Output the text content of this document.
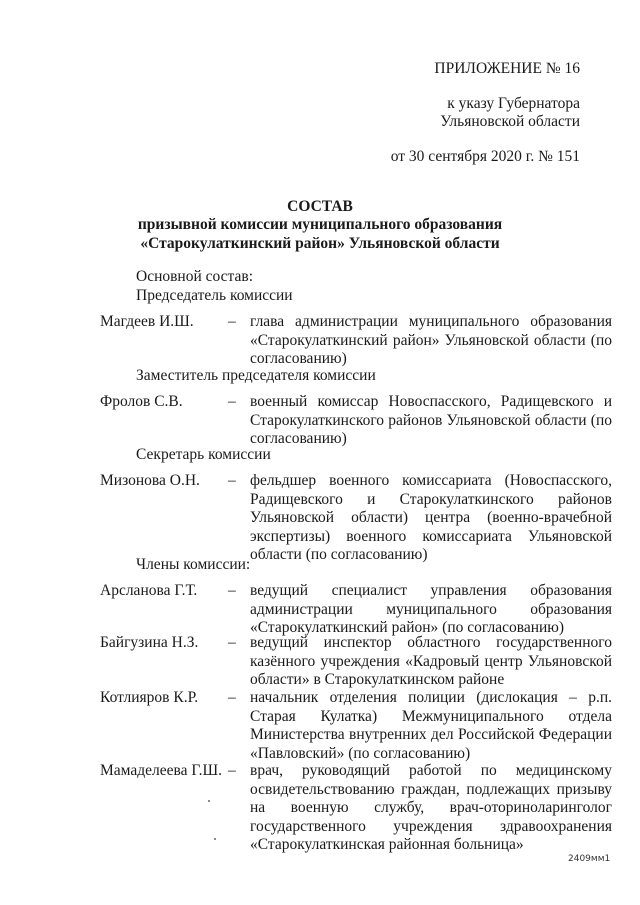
ПРИЛОЖЕНИЕ № 16
к указу Губернатора
Ульяновской области
от 30 сентября 2020 г. № 151
СОСТАВ
призывной комиссии муниципального образования
«Старокулаткинский район» Ульяновской области
Основной состав:
Председатель комиссии
Магдеев И.Ш. – глава администрации муниципального образования «Старокулаткинский район» Ульяновской области (по согласованию)
Заместитель председателя комиссии
Фролов С.В.	– военный комиссар Новоспасского, Радищевского и Старокулаткинского районов Ульяновской области (по согласованию)
Секретарь комиссии
Мизонова О.Н. – фельдшер военного комиссариата (Новоспасского, Радищевского и Старокулаткинского районов Ульяновской области) центра (военно-врачебной экспертизы) военного комиссариата Ульяновской области (по согласованию)
Члены комиссии:
Арсланова Г.Т. – ведущий специалист управления образования администрации муниципального образования «Старокулаткинский район» (по согласованию)
Байгузина Н.З. – ведущий инспектор областного государственного казённого учреждения «Кадровый центр Ульяновской области» в Старокулаткинском районе
Котлияров К.Р. – начальник отделения полиции (дислокация – р.п. Старая Кулатка) Межмуниципального отдела Министерства внутренних дел Российской Федерации «Павловский» (по согласованию)
Мамаделеева Г.Ш. – врач, руководящий работой по медицинскому освидетельствованию граждан, подлежащих призыву на военную службу, врач-оториноларинголог государственного учреждения здравоохранения «Старокулаткинская районная больница»
2409мм1
